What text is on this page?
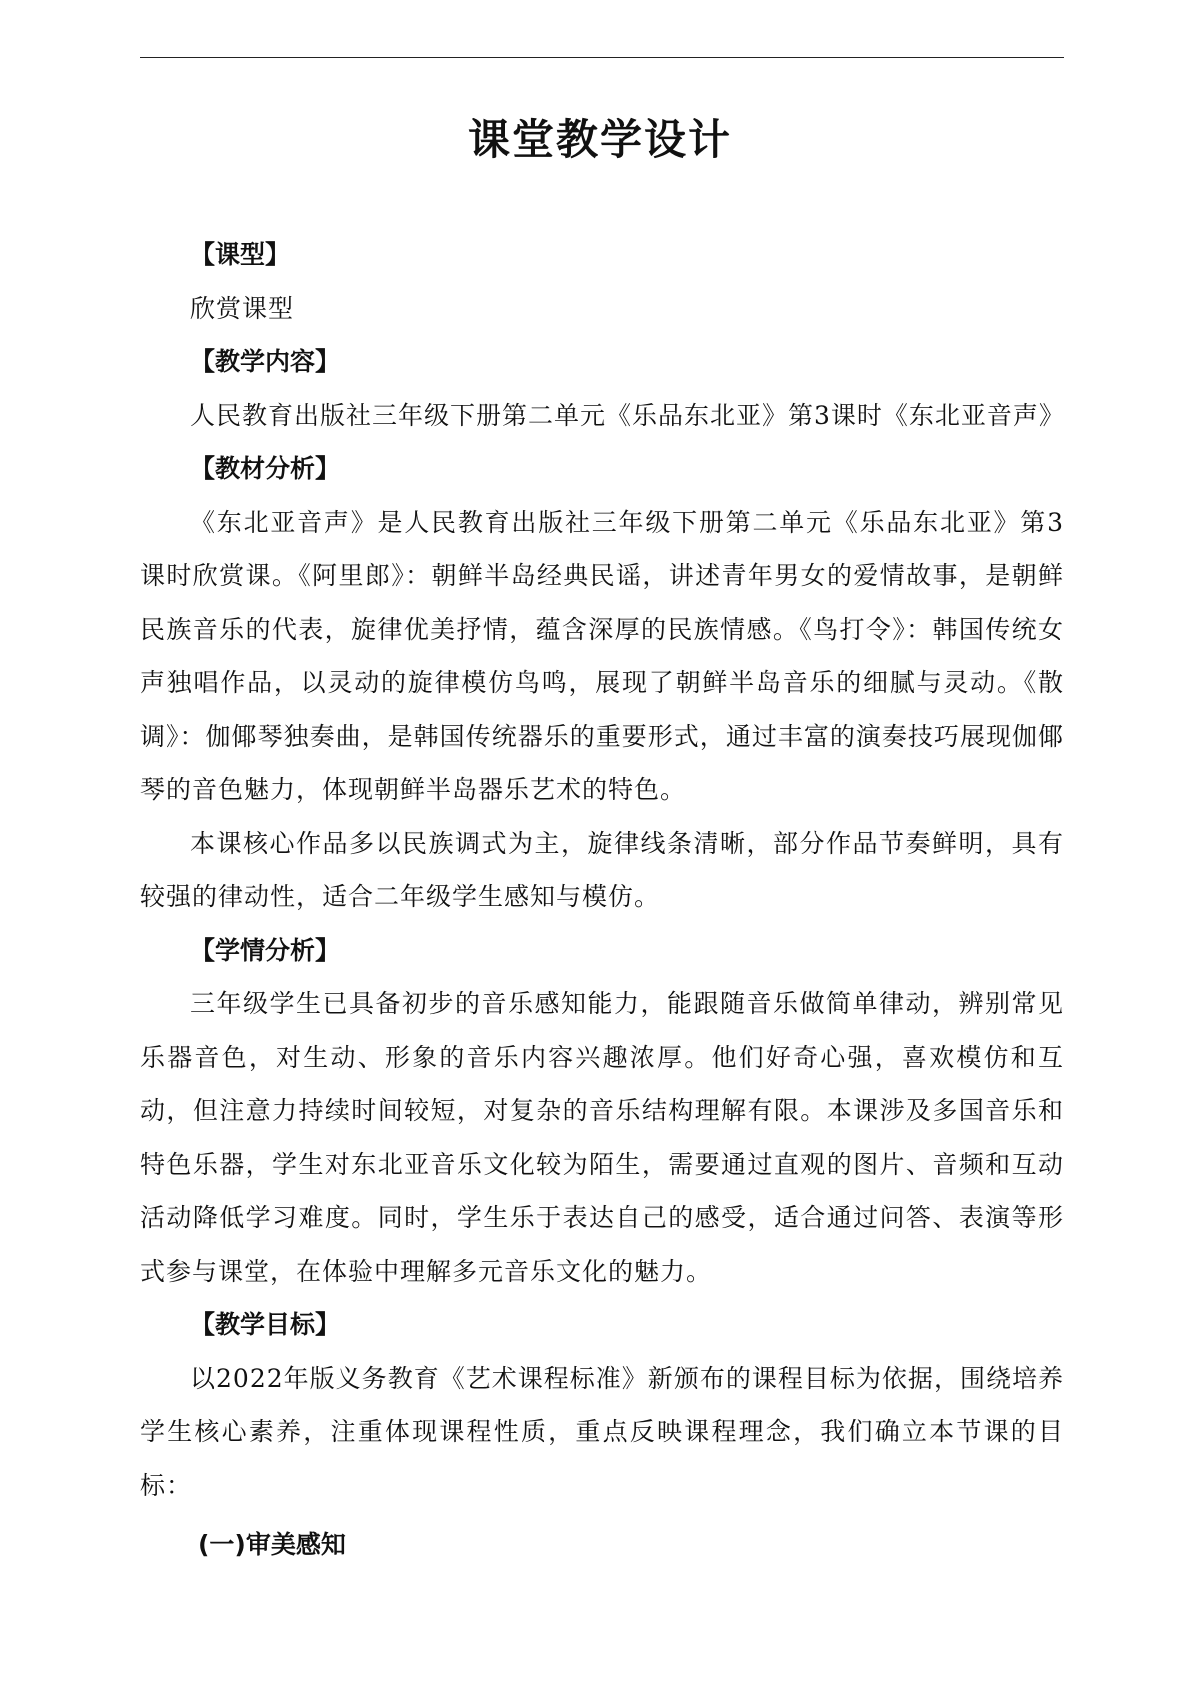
课堂教学设计
【课型】

欣赏课型

【教学内容】

人民教育出版社三年级下册第二单元《乐品东北亚》第3课时《东北亚音声》

【教材分析】

《东北亚音声》是人民教育出版社三年级下册第二单元《乐品东北亚》第3课时欣赏课。《阿里郎》：朝鲜半岛经典民谣，讲述青年男女的爱情故事，是朝鲜民族音乐的代表，旋律优美抒情，蕴含深厚的民族情感。《鸟打令》：韩国传统女声独唱作品，以灵动的旋律模仿鸟鸣，展现了朝鲜半岛音乐的细腻与灵动。《散调》：伽倻琴独奏曲，是韩国传统器乐的重要形式，通过丰富的演奏技巧展现伽倻琴的音色魅力，体现朝鲜半岛器乐艺术的特色。

本课核心作品多以民族调式为主，旋律线条清晰，部分作品节奏鲜明，具有较强的律动性，适合二年级学生感知与模仿。

【学情分析】

三年级学生已具备初步的音乐感知能力，能跟随音乐做简单律动，辨别常见乐器音色，对生动、形象的音乐内容兴趣浓厚。他们好奇心强，喜欢模仿和互动，但注意力持续时间较短，对复杂的音乐结构理解有限。本课涉及多国音乐和特色乐器，学生对东北亚音乐文化较为陌生，需要通过直观的图片、音频和互动活动降低学习难度。同时，学生乐于表达自己的感受，适合通过问答、表演等形式参与课堂，在体验中理解多元音乐文化的魅力。

【教学目标】

以2022年版义务教育《艺术课程标准》新颁布的课程目标为依据，围绕培养学生核心素养，注重体现课程性质，重点反映课程理念，我们确立本节课的目标：

(一)审美感知
